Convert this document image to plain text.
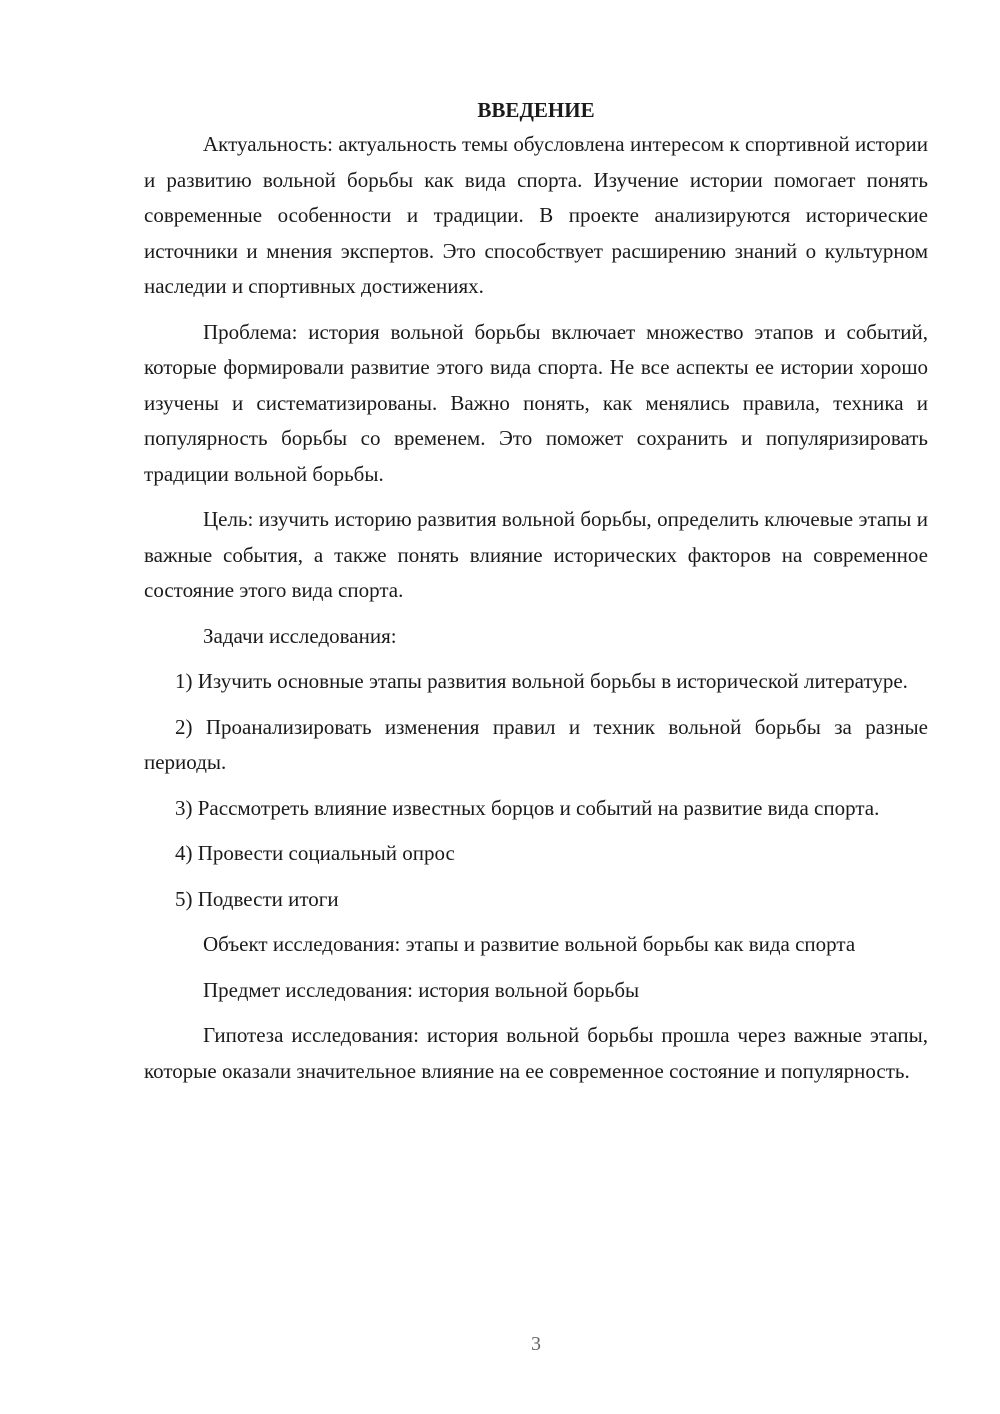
ВВЕДЕНИЕ

Актуальность: актуальность темы обусловлена интересом к спортивной истории и развитию вольной борьбы как вида спорта. Изучение истории помогает понять современные особенности и традиции. В проекте анализируются исторические источники и мнения экспертов. Это способствует расширению знаний о культурном наследии и спортивных достижениях.

Проблема: история вольной борьбы включает множество этапов и событий, которые формировали развитие этого вида спорта. Не все аспекты ее истории хорошо изучены и систематизированы. Важно понять, как менялись правила, техника и популярность борьбы со временем. Это поможет сохранить и популяризировать традиции вольной борьбы.

Цель: изучить историю развития вольной борьбы, определить ключевые этапы и важные события, а также понять влияние исторических факторов на современное состояние этого вида спорта.

Задачи исследования:

1) Изучить основные этапы развития вольной борьбы в исторической литературе.

2) Проанализировать изменения правил и техник вольной борьбы за разные периоды.

3) Рассмотреть влияние известных борцов и событий на развитие вида спорта.

4) Провести социальный опрос

5) Подвести итоги

Объект исследования: этапы и развитие вольной борьбы как вида спорта

Предмет исследования: история вольной борьбы

Гипотеза исследования: история вольной борьбы прошла через важные этапы, которые оказали значительное влияние на ее современное состояние и популярность.

3
